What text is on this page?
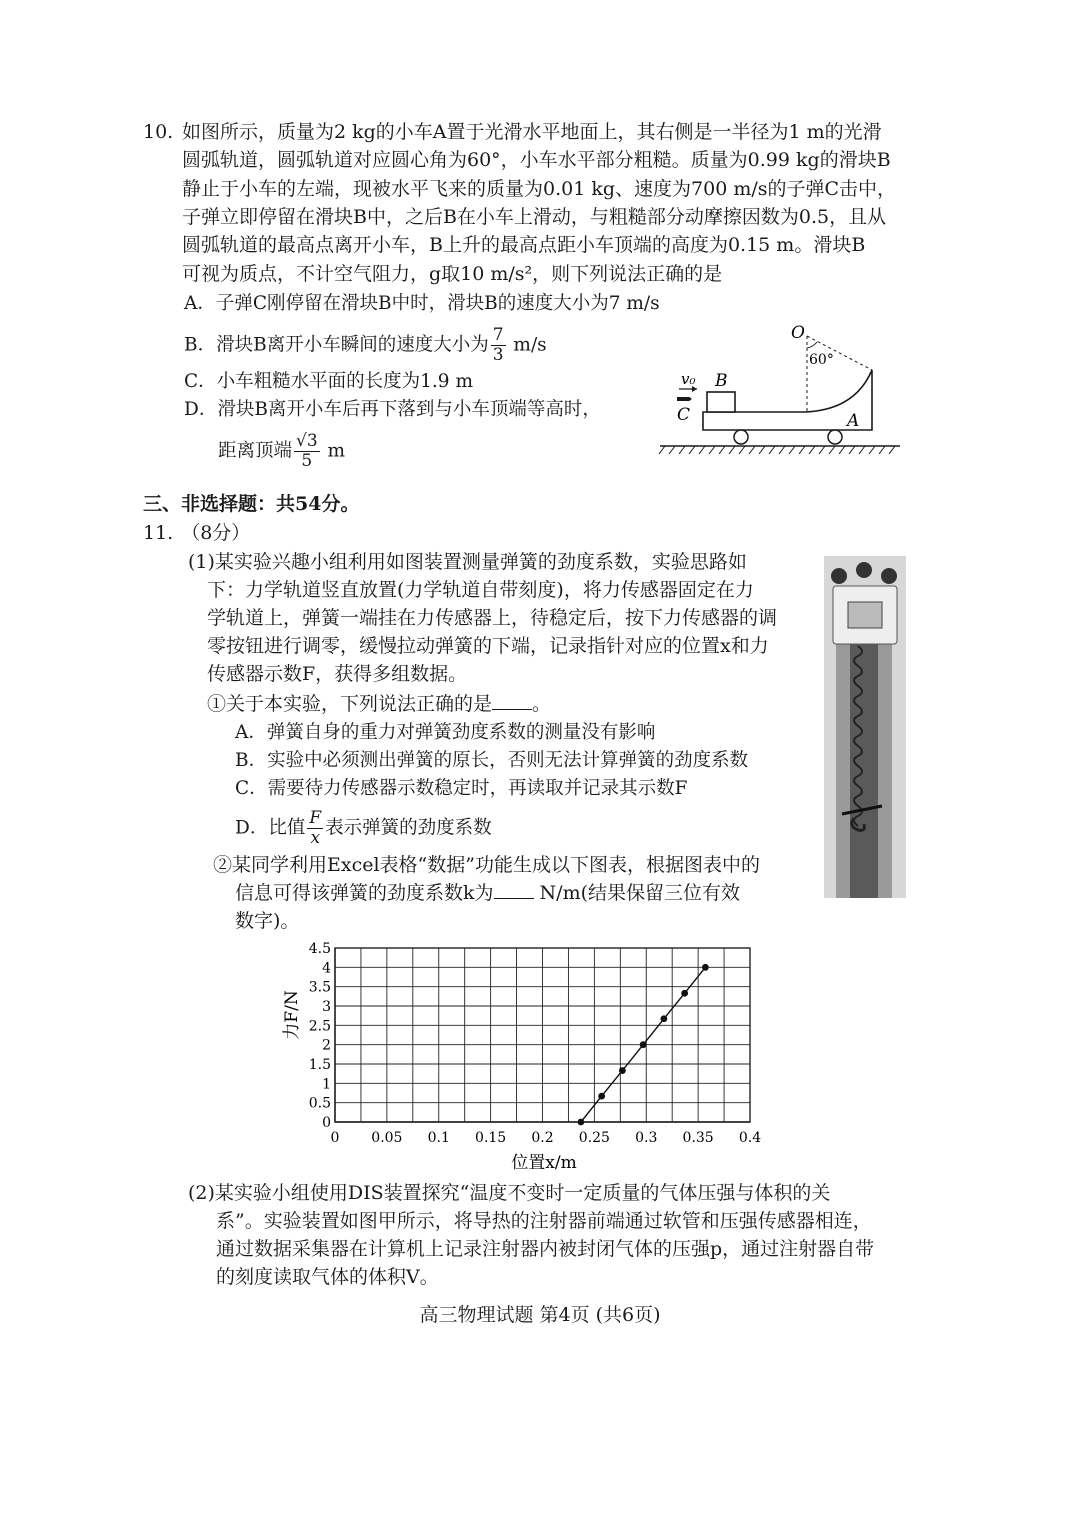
10. 如图所示，质量为2 kg的小车A置于光滑水平地面上，其右侧是一半径为1 m的光滑
圆弧轨道，圆弧轨道对应圆心角为60°，小车水平部分粗糙。质量为0.99 kg的滑块B
静止于小车的左端，现被水平飞来的质量为0.01 kg、速度为700 m/s的子弹C击中，
子弹立即停留在滑块B中，之后B在小车上滑动，与粗糙部分动摩擦因数为0.5，且从
圆弧轨道的最高点离开小车，B上升的最高点距小车顶端的高度为0.15 m。滑块B
可视为质点，不计空气阻力，g取10 m/s²，则下列说法正确的是
A．子弹C刚停留在滑块B中时，滑块B的速度大小为7 m/s
B．滑块B离开小车瞬间的速度大小为 $\frac{7}{3} m/s$
C．小车粗糙水平面的长度为1.9 m
D．滑块B离开小车后再下落到与小车顶端等高时，
距离顶端 $\frac{√3}{5}$ m
O
60°
v₀ B
C	A
三、非选择题：共54分。
11. （8分）
(1)某实验兴趣小组利用如图装置测量弹簧的劲度系数，实验思路如
下：力学轨道竖直放置(力学轨道自带刻度)，将力传感器固定在力
学轨道上，弹簧一端挂在力传感器上，待稳定后，按下力传感器的调
零按钮进行调零，缓慢拉动弹簧的下端，记录指针对应的位置x和力
传感器示数F，获得多组数据。
①关于本实验，下列说法正确的是 。
A．弹簧自身的重力对弹簧劲度系数的测量没有影响
B．实验中必须测出弹簧的原长，否则无法计算弹簧的劲度系数
C．需要待力传感器示数稳定时，再读取并记录其示数F
D．比值 $\frac{F}{x}$ 表示弹簧的劲度系数
②某同学利用Excel表格“数据”功能生成以下图表，根据图表中的
信息可得该弹簧的劲度系数k为 N/m(结果保留三位有效
数字)。
0 0.05 0.1 0.15 0.2 0.25 0.3 0.35 0.4
0
0.5
1
1.5
2
2.5
3
3.5
4
4.5
位置x/m
力F/N
(2)某实验小组使用DIS装置探究“温度不变时一定质量的气体压强与体积的关
系”。实验装置如图甲所示，将导热的注射器前端通过软管和压强传感器相连，
通过数据采集器在计算机上记录注射器内被封闭气体的压强p，通过注射器自带
的刻度读取气体的体积V。
高三物理试题 第4页 (共6页)
